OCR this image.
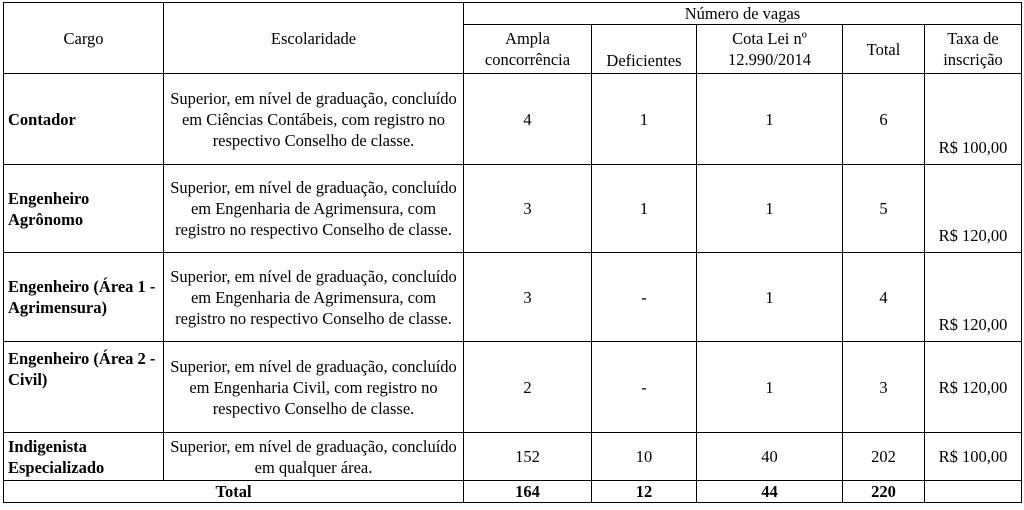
Cargo	Escolaridade	Número de vagas				
		Ampla concorrência	Deficientes	Cota Lei nº 12.990/2014	Total	Taxa de inscrição
Contador	Superior, em nível de graduação, concluído em Ciências Contábeis, com registro no respectivo Conselho de classe.	4	1	1	6	R$ 100,00
Engenheiro Agrônomo	Superior, em nível de graduação, concluído em Engenharia de Agrimensura, com registro no respectivo Conselho de classe.	3	1	1	5	R$ 120,00
Engenheiro (Área 1 - Agrimensura)	Superior, em nível de graduação, concluído em Engenharia de Agrimensura, com registro no respectivo Conselho de classe.	3	-	1	4	R$ 120,00
Engenheiro (Área 2 - Civil)	Superior, em nível de graduação, concluído em Engenharia Civil, com registro no respectivo Conselho de classe.	2	-	1	3	R$ 120,00
Indigenista Especializado	Superior, em nível de graduação, concluído em qualquer área.	152	10	40	202	R$ 100,00
Total		164	12	44	220	
